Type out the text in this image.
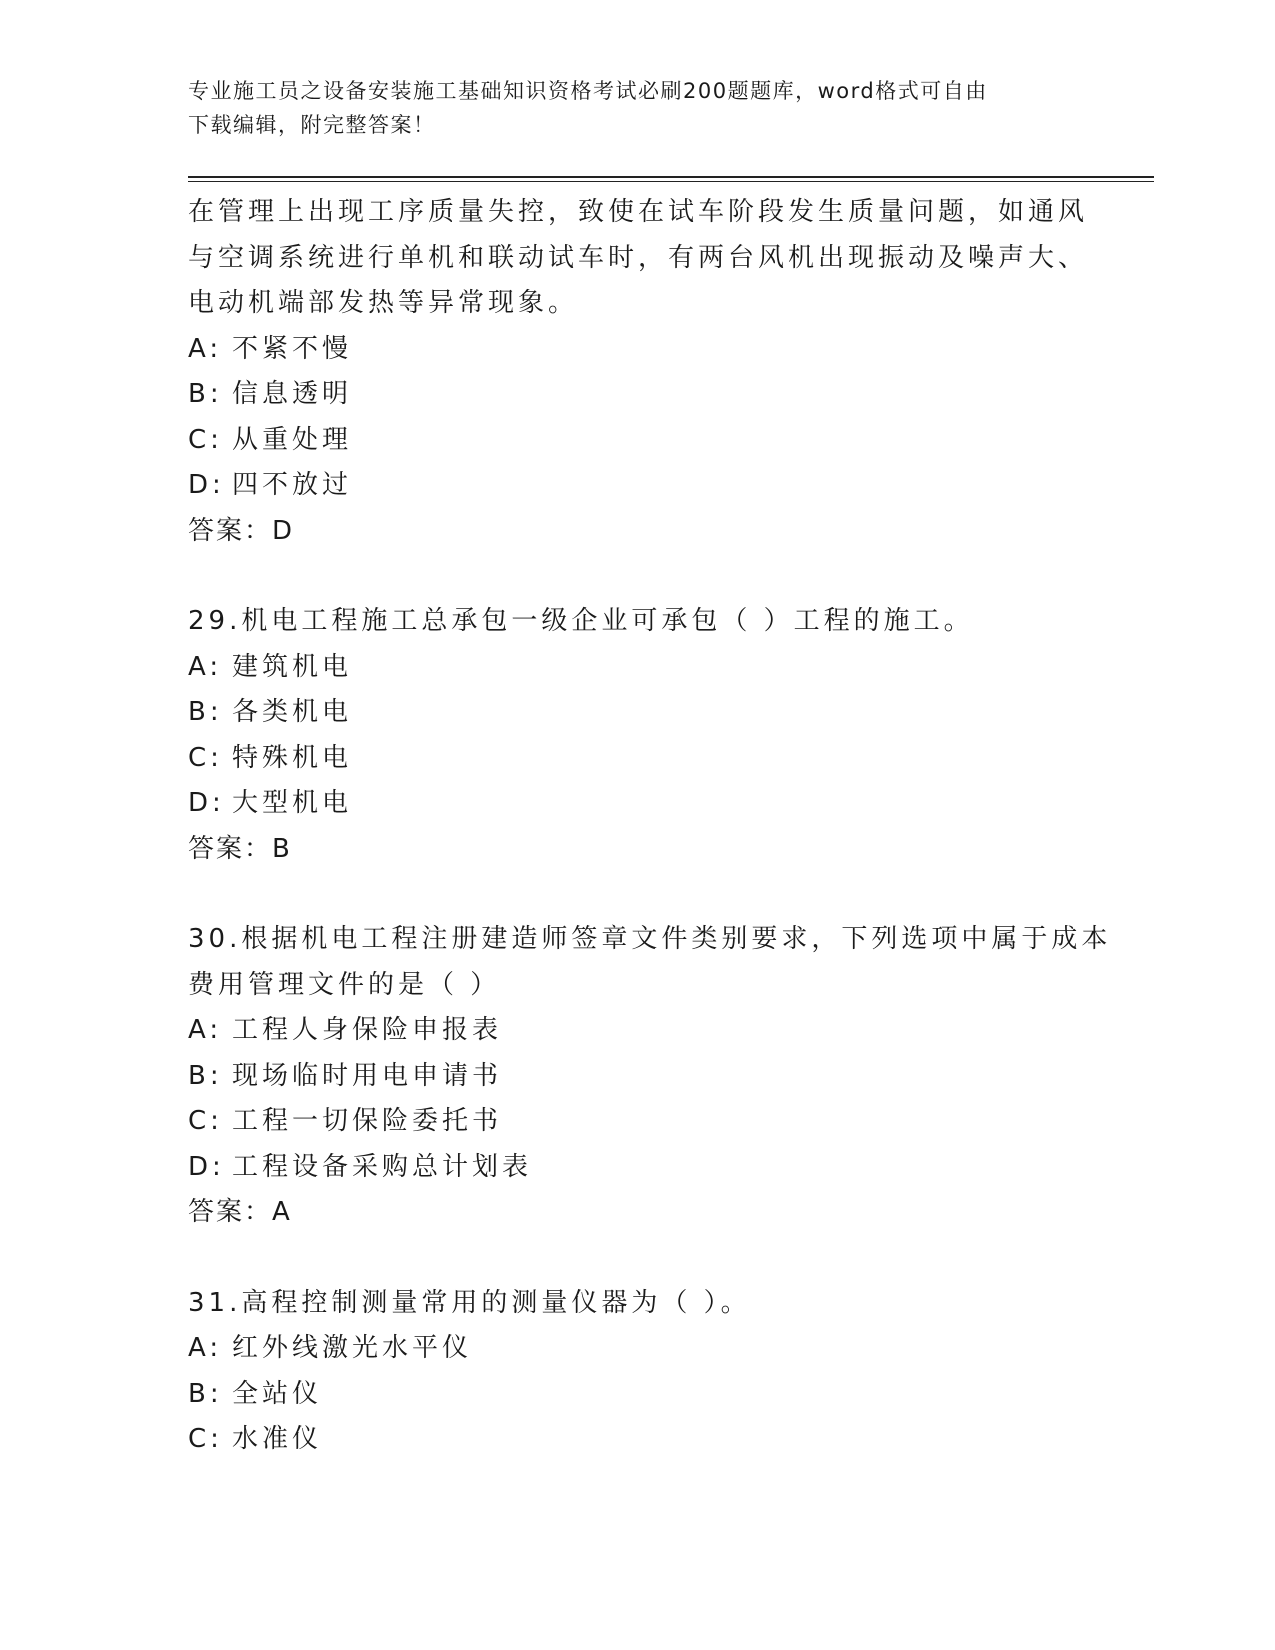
专业施工员之设备安装施工基础知识资格考试必刷200题题库，word格式可自由
下载编辑，附完整答案！
在管理上出现工序质量失控，致使在试车阶段发生质量问题，如通风
与空调系统进行单机和联动试车时，有两台风机出现振动及噪声大、
电动机端部发热等异常现象。
A: 不紧不慢
B: 信息透明
C: 从重处理
D: 四不放过
答案：D
29.机电工程施工总承包一级企业可承包（ ）工程的施工。
A: 建筑机电
B: 各类机电
C: 特殊机电
D: 大型机电
答案：B
30.根据机电工程注册建造师签章文件类别要求，下列选项中属于成本
费用管理文件的是（ ）
A: 工程人身保险申报表
B: 现场临时用电申请书
C: 工程一切保险委托书
D: 工程设备采购总计划表
答案：A
31.高程控制测量常用的测量仪器为（ ）。
A: 红外线激光水平仪
B: 全站仪
C: 水准仪
